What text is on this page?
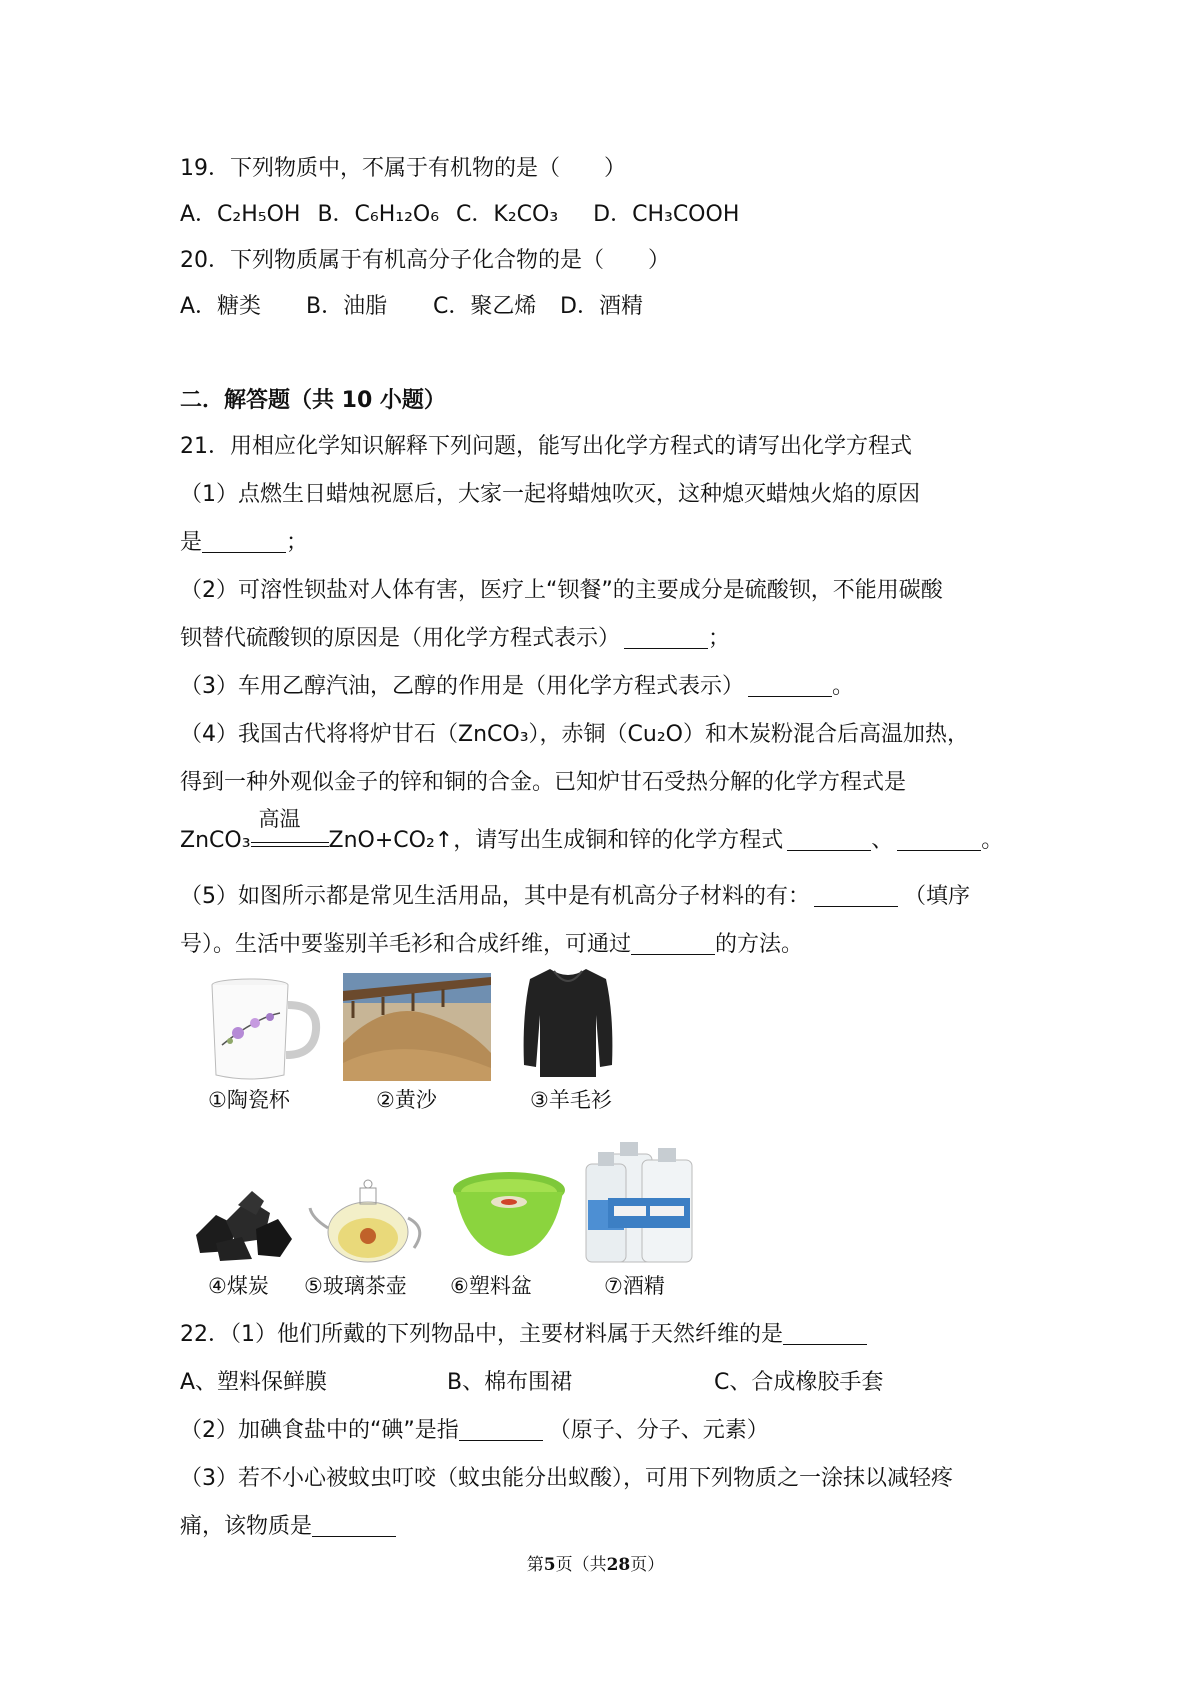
19．下列物质中，不属于有机物的是（　　）
A．C₂H₅OH B．C₆H₁₂O₆ C．K₂CO₃ D．CH₃COOH
20．下列物质属于有机高分子化合物的是（　　）
A．糖类 B．油脂 C．聚乙烯 D．酒精
二．解答题（共 10 小题）
21．用相应化学知识解释下列问题，能写出化学方程式的请写出化学方程式
（1）点燃生日蜡烛祝愿后，大家一起将蜡烛吹灭，这种熄灭蜡烛火焰的原因
是	；
（2）可溶性钡盐对人体有害，医疗上“钡餐”的主要成分是硫酸钡，不能用碳酸
钡替代硫酸钡的原因是（用化学方程式表示）	；
（3）车用乙醇汽油，乙醇的作用是（用化学方程式表示）	。
（4）我国古代将将炉甘石（ZnCO₃），赤铜（Cu₂O）和木炭粉混合后高温加热，
得到一种外观似金子的锌和铜的合金。已知炉甘石受热分解的化学方程式是
ZnCO₃
高温
ZnO+CO₂↑，请写出生成铜和锌的化学方程式	、	。
（5）如图所示都是常见生活用品，其中是有机高分子材料的有：	（填序
号）。生活中要鉴别羊毛衫和合成纤维，可通过	的方法。
①陶瓷杯	②黄沙	③羊毛衫
④煤炭 ⑤玻璃茶壶 ⑥塑料盆	⑦酒精
22．（1）他们所戴的下列物品中，主要材料属于天然纤维的是
A、塑料保鲜膜	B、棉布围裙	C、合成橡胶手套
（2）加碘食盐中的“碘”是指	（原子、分子、元素）
（3）若不小心被蚊虫叮咬（蚊虫能分出蚁酸），可用下列物质之一涂抹以减轻疼
痛，该物质是
第5页（共28页）
